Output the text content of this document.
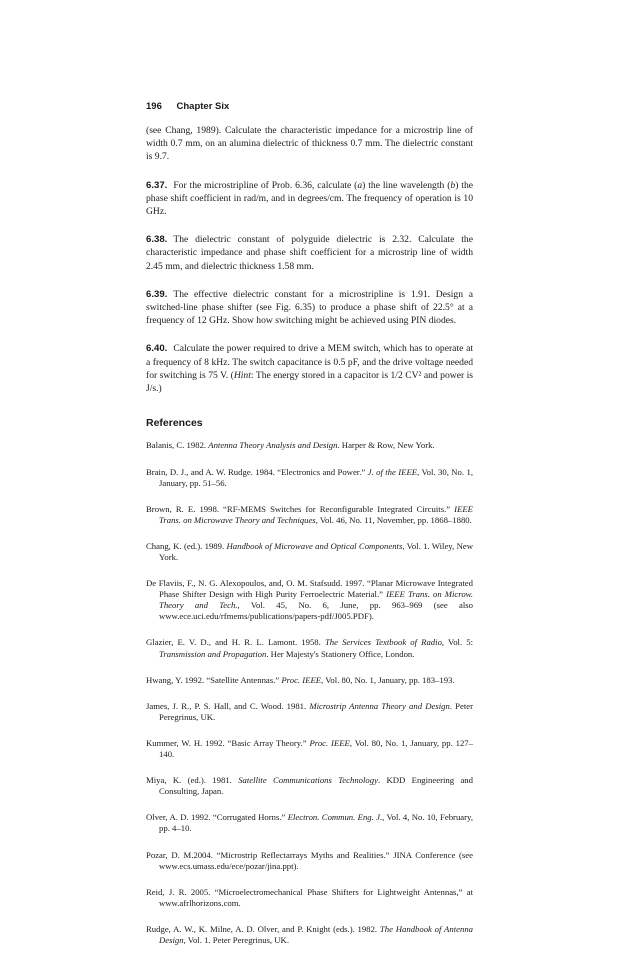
196 Chapter Six

(see Chang, 1989). Calculate the characteristic impedance for a microstrip line of width 0.7 mm, on an alumina dielectric of thickness 0.7 mm. The dielectric constant is 9.7.

6.37. For the microstripline of Prob. 6.36, calculate (a) the line wavelength (b) the phase shift coefficient in rad/m, and in degrees/cm. The frequency of operation is 10 GHz.

6.38. The dielectric constant of polyguide dielectric is 2.32. Calculate the characteristic impedance and phase shift coefficient for a microstrip line of width 2.45 mm, and dielectric thickness 1.58 mm.

6.39. The effective dielectric constant for a microstripline is 1.91. Design a switched-line phase shifter (see Fig. 6.35) to produce a phase shift of 22.5° at a frequency of 12 GHz. Show how switching might be achieved using PIN diodes.

6.40. Calculate the power required to drive a MEM switch, which has to operate at a frequency of 8 kHz. The switch capacitance is 0.5 pF, and the drive voltage needed for switching is 75 V. (Hint: The energy stored in a capacitor is 1/2 CV² and power is J/s.)

References

Balanis, C. 1982. Antenna Theory Analysis and Design. Harper & Row, New York.

Brain, D. J., and A. W. Rudge. 1984. “Electronics and Power.” J. of the IEEE, Vol. 30, No. 1, January, pp. 51–56.

Brown, R. E. 1998. “RF-MEMS Switches for Reconfigurable Integrated Circuits.” IEEE Trans. on Microwave Theory and Techniques, Vol. 46, No. 11, November, pp. 1868–1880.

Chang, K. (ed.). 1989. Handbook of Microwave and Optical Components, Vol. 1. Wiley, New York.

De Flaviis, F., N. G. Alexopoulos, and, O. M. Stafsudd. 1997. “Planar Microwave Integrated Phase Shifter Design with High Purity Ferroelectric Material.” IEEE Trans. on Microw. Theory and Tech., Vol. 45, No. 6, June, pp. 963–969 (see also www.ece.uci.edu/rfmems/publications/papers-pdf/J005.PDF).

Glazier, E. V. D., and H. R. L. Lamont. 1958. The Services Textbook of Radio, Vol. 5: Transmission and Propagation. Her Majesty's Stationery Office, London.

Hwang, Y. 1992. “Satellite Antennas.” Proc. IEEE, Vol. 80, No. 1, January, pp. 183–193.

James, J. R., P. S. Hall, and C. Wood. 1981. Microstrip Antenna Theory and Design. Peter Peregrinus, UK.

Kummer, W. H. 1992. “Basic Array Theory.” Proc. IEEE, Vol. 80, No. 1, January, pp. 127–140.

Miya, K. (ed.). 1981. Satellite Communications Technology. KDD Engineering and Consulting, Japan.

Olver, A. D. 1992. “Corrugated Horns.” Electron. Commun. Eng. J., Vol. 4, No. 10, February, pp. 4–10.

Pozar, D. M.2004. “Microstrip Reflectarrays Myths and Realities.” JINA Conference (see www.ecs.umass.edu/ece/pozar/jina.ppt).

Reid, J. R. 2005. “Microelectromechanical Phase Shifters for Lightweight Antennas,” at www.afrlhorizons.com.

Rudge, A. W., K. Milne, A. D. Olver, and P. Knight (eds.). 1982. The Handbook of Antenna Design, Vol. 1. Peter Peregrinus, UK.
